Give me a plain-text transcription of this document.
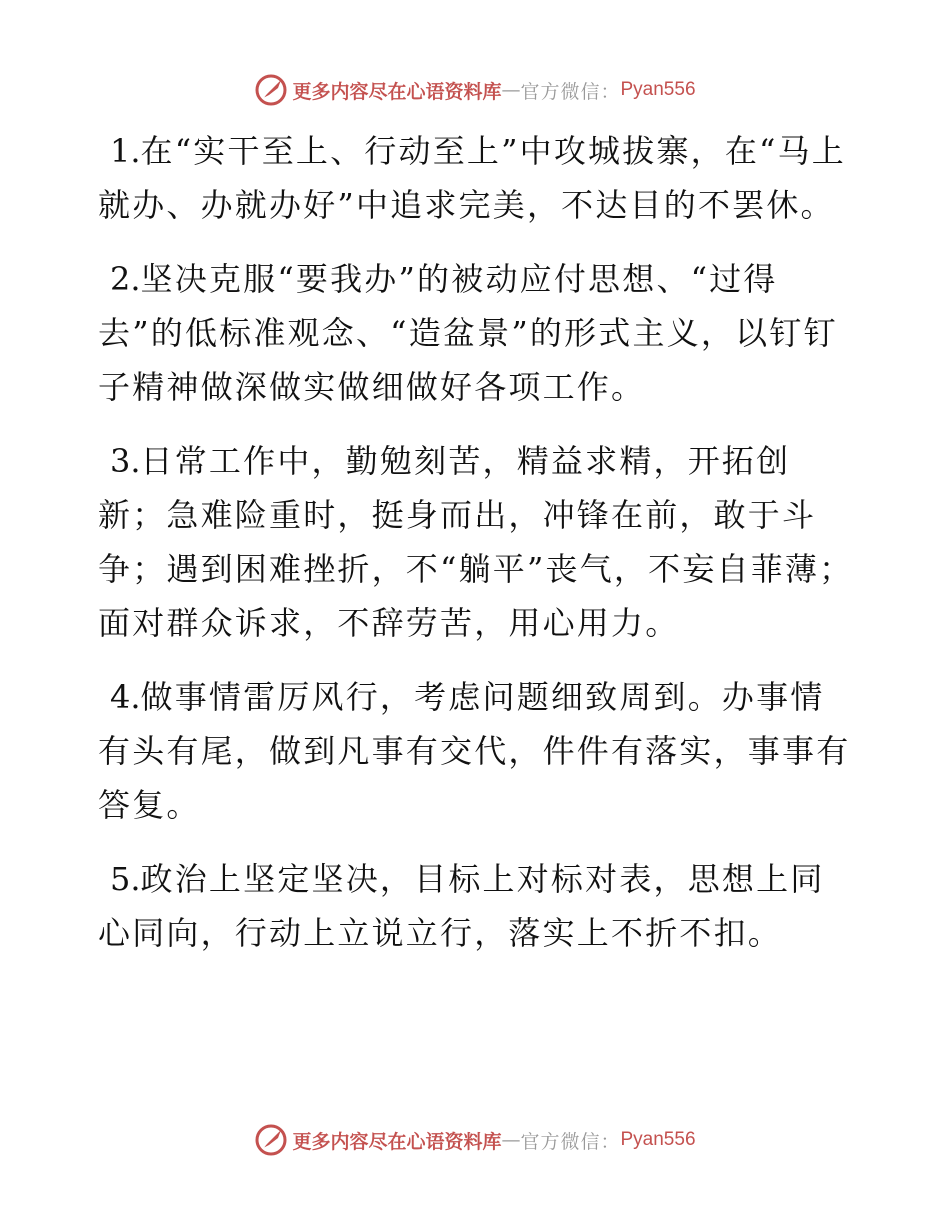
更多内容尽在心语资料库 — 官方微信： Pyan556

1.在“实干至上、行动至上”中攻城拔寨，在“马上就办、办就办好”中追求完美，不达目的不罢休。

2.坚决克服“要我办”的被动应付思想、“过得去”的低标准观念、“造盆景”的形式主义，以钉钉子精神做深做实做细做好各项工作。

3.日常工作中，勤勉刻苦，精益求精，开拓创新；急难险重时，挺身而出，冲锋在前，敢于斗争；遇到困难挫折，不“躺平”丧气，不妄自菲薄；面对群众诉求，不辞劳苦，用心用力。

4.做事情雷厉风行，考虑问题细致周到。办事情有头有尾，做到凡事有交代，件件有落实，事事有答复。

5.政治上坚定坚决，目标上对标对表，思想上同心同向，行动上立说立行，落实上不折不扣。

更多内容尽在心语资料库 — 官方微信： Pyan556
